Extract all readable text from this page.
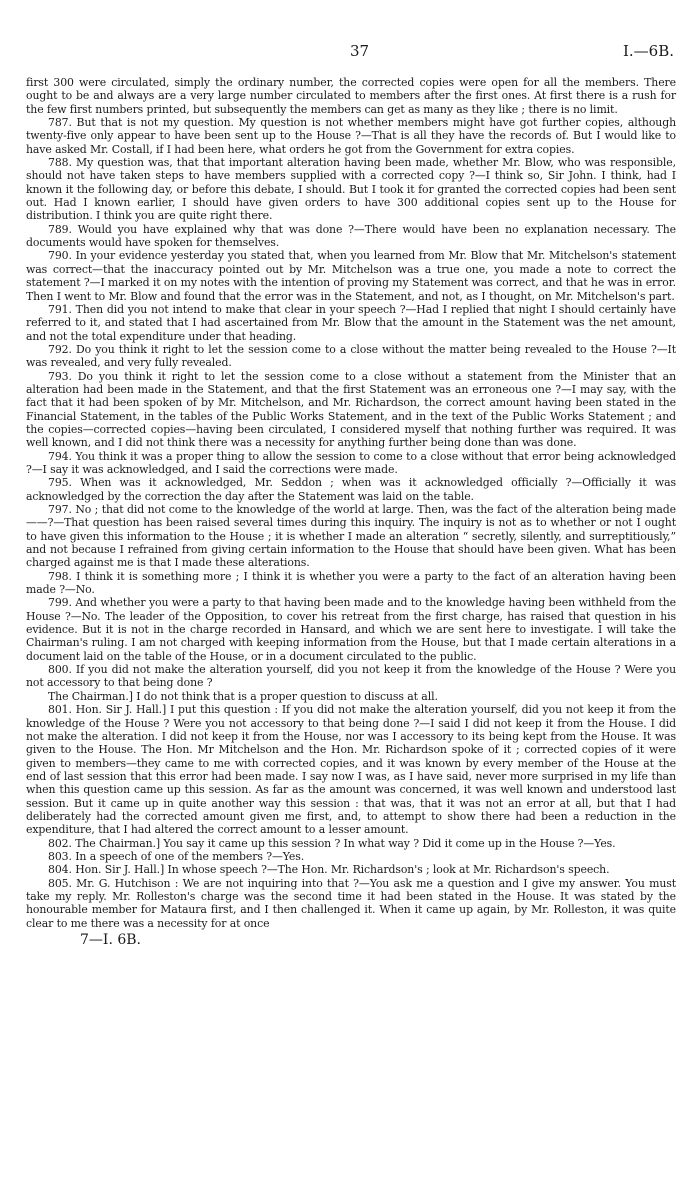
37	I.—6B.

first 300 were circulated, simply the ordinary number, the corrected copies were open for all the members. There ought to be and always are a very large number circulated to members after the first ones. At first there is a rush for the few first numbers printed, but subsequently the members can get as many as they like ; there is no limit.

787. But that is not my question. My question is not whether members might have got further copies, although twenty-five only appear to have been sent up to the House ?—That is all they have the records of. But I would like to have asked Mr. Costall, if I had been here, what orders he got from the Government for extra copies.

788. My question was, that that important alteration having been made, whether Mr. Blow, who was responsible, should not have taken steps to have members supplied with a corrected copy ?—I think so, Sir John. I think, had I known it the following day, or before this debate, I should. But I took it for granted the corrected copies had been sent out. Had I known earlier, I should have given orders to have 300 additional copies sent up to the House for distribution. I think you are quite right there.

789. Would you have explained why that was done ?—There would have been no explanation necessary. The documents would have spoken for themselves.

790. In your evidence yesterday you stated that, when you learned from Mr. Blow that Mr. Mitchelson's statement was correct—that the inaccuracy pointed out by Mr. Mitchelson was a true one, you made a note to correct the statement ?—I marked it on my notes with the intention of proving my Statement was correct, and that he was in error. Then I went to Mr. Blow and found that the error was in the Statement, and not, as I thought, on Mr. Mitchelson's part.

791. Then did you not intend to make that clear in your speech ?—Had I replied that night I should certainly have referred to it, and stated that I had ascertained from Mr. Blow that the amount in the Statement was the net amount, and not the total expenditure under that heading.

792. Do you think it right to let the session come to a close without the matter being revealed to the House ?—It was revealed, and very fully revealed.

793. Do you think it right to let the session come to a close without a statement from the Minister that an alteration had been made in the Statement, and that the first Statement was an erroneous one ?—I may say, with the fact that it had been spoken of by Mr. Mitchelson, and Mr. Richardson, the correct amount having been stated in the Financial Statement, in the tables of the Public Works Statement, and in the text of the Public Works Statement ; and the copies—corrected copies—having been circulated, I considered myself that nothing further was required. It was well known, and I did not think there was a necessity for anything further being done than was done.

794. You think it was a proper thing to allow the session to come to a close without that error being acknowledged ?—I say it was acknowledged, and I said the corrections were made.

795. When was it acknowledged, Mr. Seddon ; when was it acknowledged officially ?—Officially it was acknowledged by the correction the day after the Statement was laid on the table.

797. No ; that did not come to the knowledge of the world at large. Then, was the fact of the alteration being made——?—That question has been raised several times during this inquiry. The inquiry is not as to whether or not I ought to have given this information to the House ; it is whether I made an alteration “ secretly, silently, and surreptitiously,” and not because I refrained from giving certain information to the House that should have been given. What has been charged against me is that I made these alterations.

798. I think it is something more ; I think it is whether you were a party to the fact of an alteration having been made ?—No.

799. And whether you were a party to that having been made and to the knowledge having been withheld from the House ?—No. The leader of the Opposition, to cover his retreat from the first charge, has raised that question in his evidence. But it is not in the charge recorded in Hansard, and which we are sent here to investigate. I will take the Chairman's ruling. I am not charged with keeping information from the House, but that I made certain alterations in a document laid on the table of the House, or in a document circulated to the public.

800. If you did not make the alteration yourself, did you not keep it from the knowledge of the House ? Were you not accessory to that being done ?

The Chairman.] I do not think that is a proper question to discuss at all.

801. Hon. Sir J. Hall.] I put this question : If you did not make the alteration yourself, did you not keep it from the knowledge of the House ? Were you not accessory to that being done ?—I said I did not keep it from the House. I did not make the alteration. I did not keep it from the House, nor was I accessory to its being kept from the House. It was given to the House. The Hon. Mr Mitchelson and the Hon. Mr. Richardson spoke of it ; corrected copies of it were given to members—they came to me with corrected copies, and it was known by every member of the House at the end of last session that this error had been made. I say now I was, as I have said, never more surprised in my life than when this question came up this session. As far as the amount was concerned, it was well known and understood last session. But it came up in quite another way this session : that was, that it was not an error at all, but that I had deliberately had the corrected amount given me first, and, to attempt to show there had been a reduction in the expenditure, that I had altered the correct amount to a lesser amount.

802. The Chairman.] You say it came up this session ? In what way ? Did it come up in the House ?—Yes.

803. In a speech of one of the members ?—Yes.

804. Hon. Sir J. Hall.] In whose speech ?—The Hon. Mr. Richardson's ; look at Mr. Richardson's speech.

805. Mr. G. Hutchison : We are not inquiring into that ?—You ask me a question and I give my answer. You must take my reply. Mr. Rolleston's charge was the second time it had been stated in the House. It was stated by the honourable member for Mataura first, and I then challenged it. When it came up again, by Mr. Rolleston, it was quite clear to me there was a necessity for at once

7—I. 6B.
